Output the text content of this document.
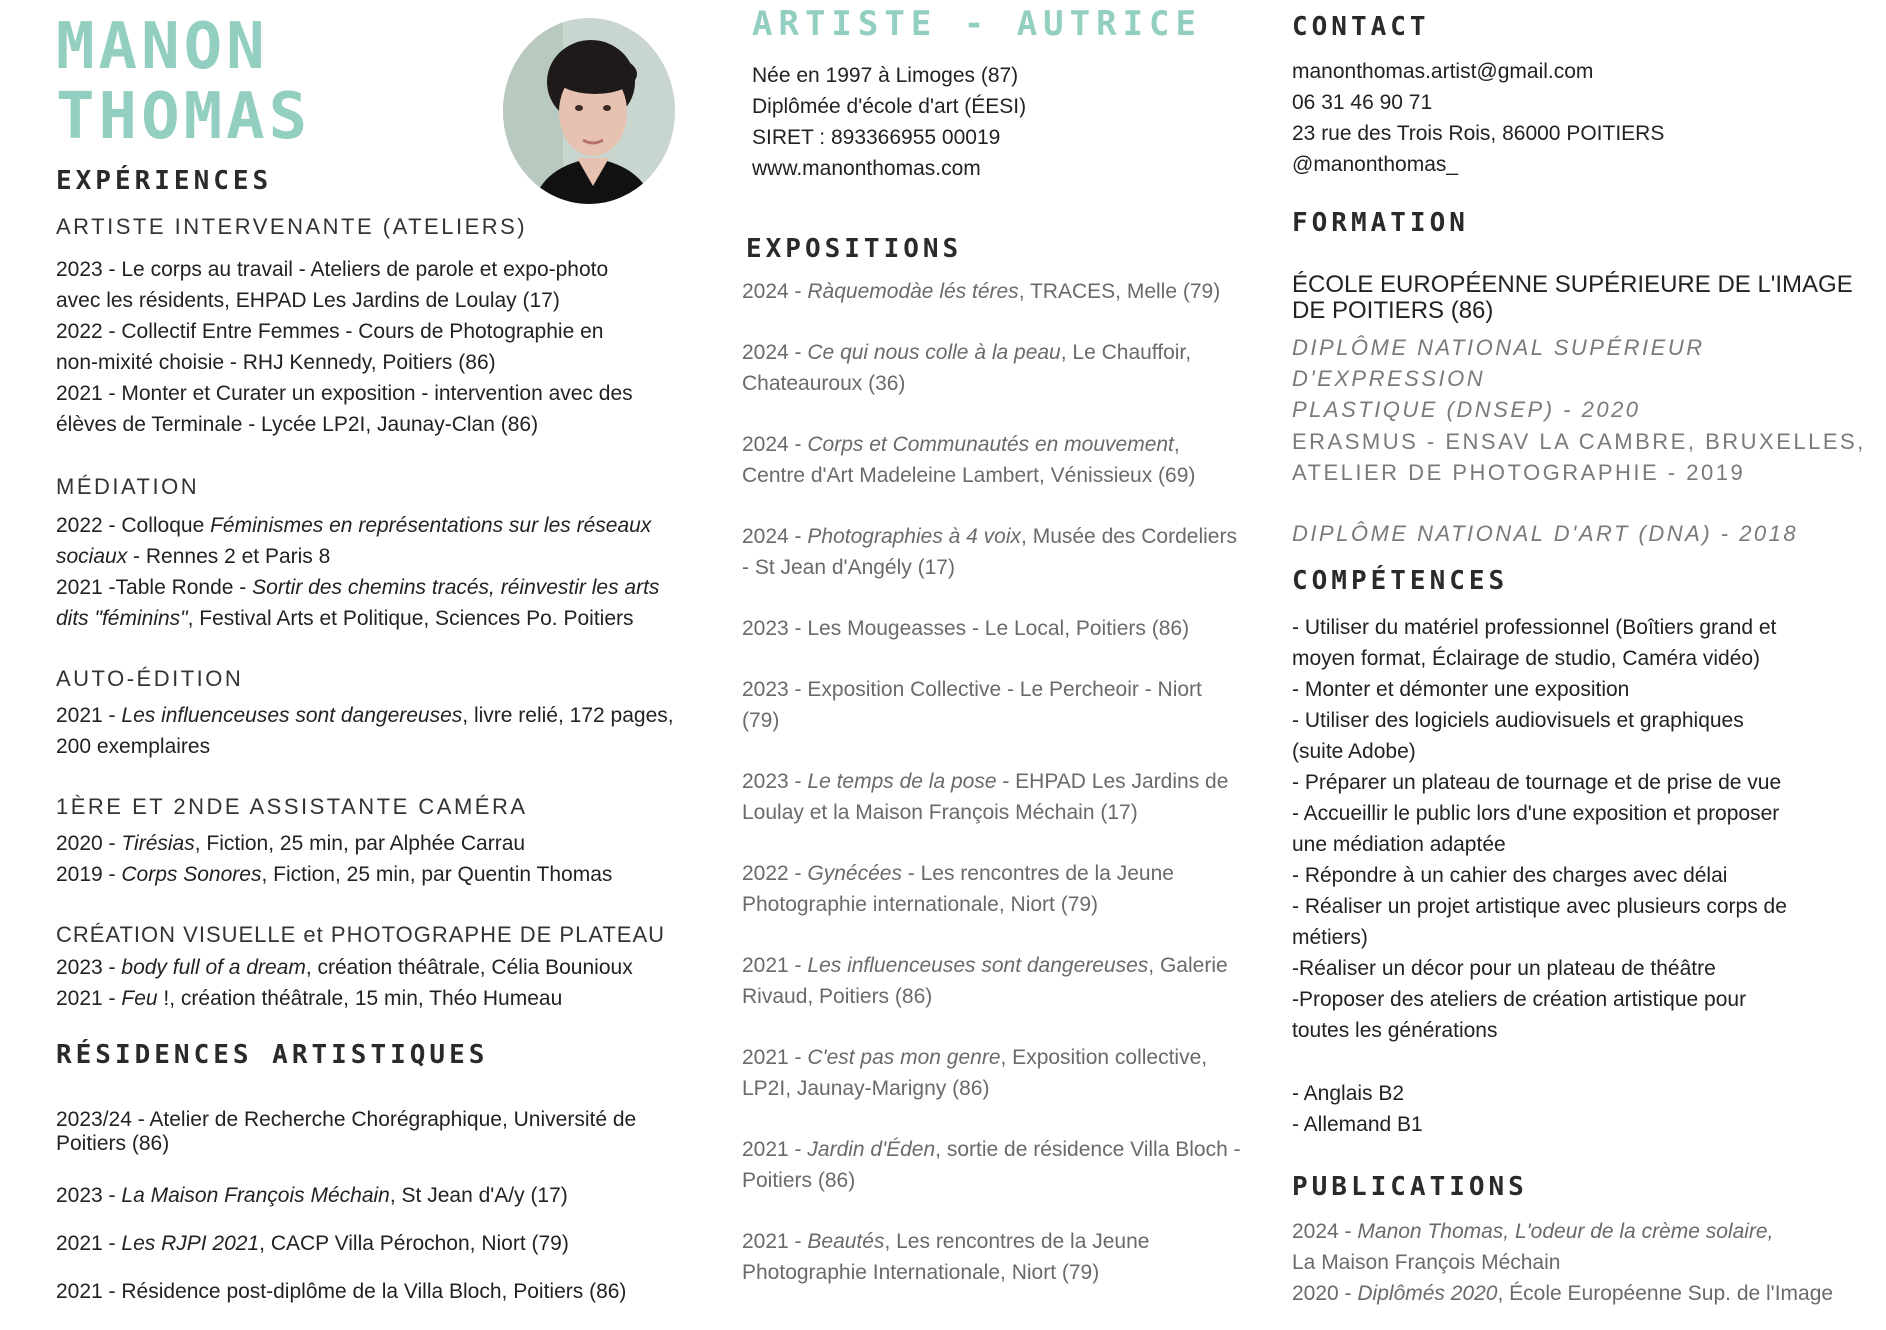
MANON
THOMAS
ARTISTE - AUTRICE
Née en 1997 à Limoges (87)
Diplômée d'école d'art (ÉESI)
SIRET : 893366955 00019
www.manonthomas.com
CONTACT
manonthomas.artist@gmail.com
06 31 46 90 71
23 rue des Trois Rois, 86000 POITIERS
@manonthomas_
EXPÉRIENCES
ARTISTE INTERVENANTE (ATELIERS)
2023 - Le corps au travail - Ateliers de parole et expo-photo
avec les résidents, EHPAD Les Jardins de Loulay (17)
2022 - Collectif Entre Femmes - Cours de Photographie en
non-mixité choisie - RHJ Kennedy, Poitiers (86)
2021 - Monter et Curater un exposition - intervention avec des
élèves de Terminale - Lycée LP2I, Jaunay-Clan (86)
MÉDIATION
2022 - Colloque Féminismes en représentations sur les réseaux
sociaux - Rennes 2 et Paris 8
2021 -Table Ronde - Sortir des chemins tracés, réinvestir les arts
dits "féminins", Festival Arts et Politique, Sciences Po. Poitiers
AUTO-ÉDITION
2021 - Les influenceuses sont dangereuses, livre relié, 172 pages,
200 exemplaires
1ÈRE ET 2NDE ASSISTANTE CAMÉRA
2020 - Tirésias, Fiction, 25 min, par Alphée Carrau
2019 - Corps Sonores, Fiction, 25 min, par Quentin Thomas
CRÉATION VISUELLE et PHOTOGRAPHE DE PLATEAU
2023 - body full of a dream, création théâtrale, Célia Bounioux
2021 - Feu !, création théâtrale, 15 min, Théo Humeau
RÉSIDENCES ARTISTIQUES
2023/24 - Atelier de Recherche Chorégraphique, Université de
Poitiers (86)
2023 - La Maison François Méchain, St Jean d'A/y (17)
2021 - Les RJPI 2021, CACP Villa Pérochon, Niort (79)
2021 - Résidence post-diplôme de la Villa Bloch, Poitiers (86)
EXPOSITIONS
2024 - Ràquemodàe lés téres, TRACES, Melle (79)
2024 - Ce qui nous colle à la peau, Le Chauffoir, Chateauroux (36)
2024 - Corps et Communautés en mouvement, Centre d'Art Madeleine Lambert, Vénissieux (69)
2024 - Photographies à 4 voix, Musée des Cordeliers - St Jean d'Angély (17)
2023 - Les Mougeasses - Le Local, Poitiers (86)
2023 - Exposition Collective - Le Percheoir - Niort (79)
2023 - Le temps de la pose - EHPAD Les Jardins de Loulay et la Maison François Méchain (17)
2022 - Gynécées - Les rencontres de la Jeune Photographie internationale, Niort (79)
2021 - Les influenceuses sont dangereuses, Galerie Rivaud, Poitiers (86)
2021 - C'est pas mon genre, Exposition collective, LP2I, Jaunay-Marigny (86)
2021 - Jardin d'Éden, sortie de résidence Villa Bloch - Poitiers (86)
2021 - Beautés, Les rencontres de la Jeune Photographie Internationale, Niort (79)
FORMATION
ÉCOLE EUROPÉENNE SUPÉRIEURE DE L'IMAGE
DE POITIERS (86)
DIPLÔME NATIONAL SUPÉRIEUR D'EXPRESSION
PLASTIQUE (DNSEP) - 2020
ERASMUS - ENSAV LA CAMBRE, BRUXELLES,
ATELIER DE PHOTOGRAPHIE - 2019
DIPLÔME NATIONAL D'ART (DNA) - 2018
COMPÉTENCES
- Utiliser du matériel professionnel (Boîtiers grand et
moyen format, Éclairage de studio, Caméra vidéo)
- Monter et démonter une exposition
- Utiliser des logiciels audiovisuels et graphiques
(suite Adobe)
- Préparer un plateau de tournage et de prise de vue
- Accueillir le public lors d'une exposition et proposer
une médiation adaptée
- Répondre à un cahier des charges avec délai
- Réaliser un projet artistique avec plusieurs corps de
métiers)
-Réaliser un décor pour un plateau de théâtre
-Proposer des ateliers de création artistique pour
toutes les générations
- Anglais B2
- Allemand B1
PUBLICATIONS
2024 - Manon Thomas, L'odeur de la crème solaire,
La Maison François Méchain
2020 - Diplômés 2020, École Européenne Sup. de l'Image
